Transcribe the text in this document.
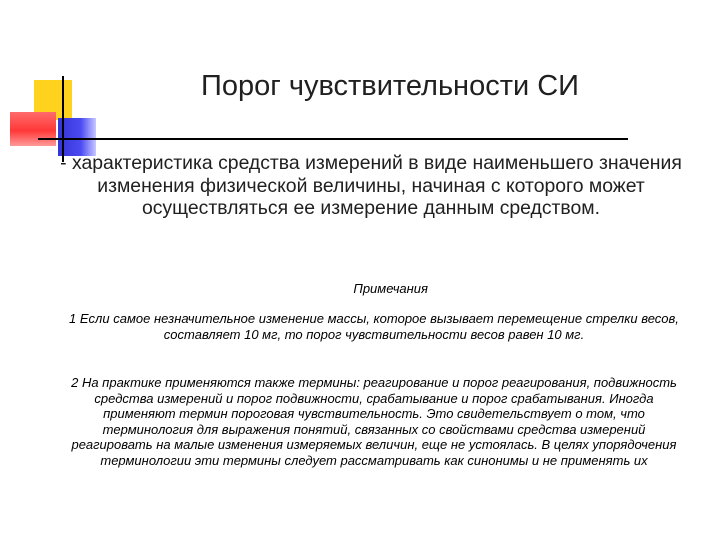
Порог чувствительности СИ
- характеристика средства измерений в виде наименьшего значения изменения физической величины, начиная с которого может осуществляться ее измерение данным средством.
Примечания
1 Если самое незначительное изменение массы, которое вызывает перемещение стрелки весов, составляет 10 мг, то порог чувствительности весов равен 10 мг.
2 На практике применяются также термины: реагирование и порог реагирования, подвижность средства измерений и порог подвижности, срабатывание и порог срабатывания. Иногда применяют термин пороговая чувствительность. Это свидетельствует о том, что терминология для выражения понятий, связанных со свойствами средства измерений реагировать на малые изменения измеряемых величин, еще не устоялась. В целях упорядочения терминологии эти термины следует рассматривать как синонимы и не применять их
